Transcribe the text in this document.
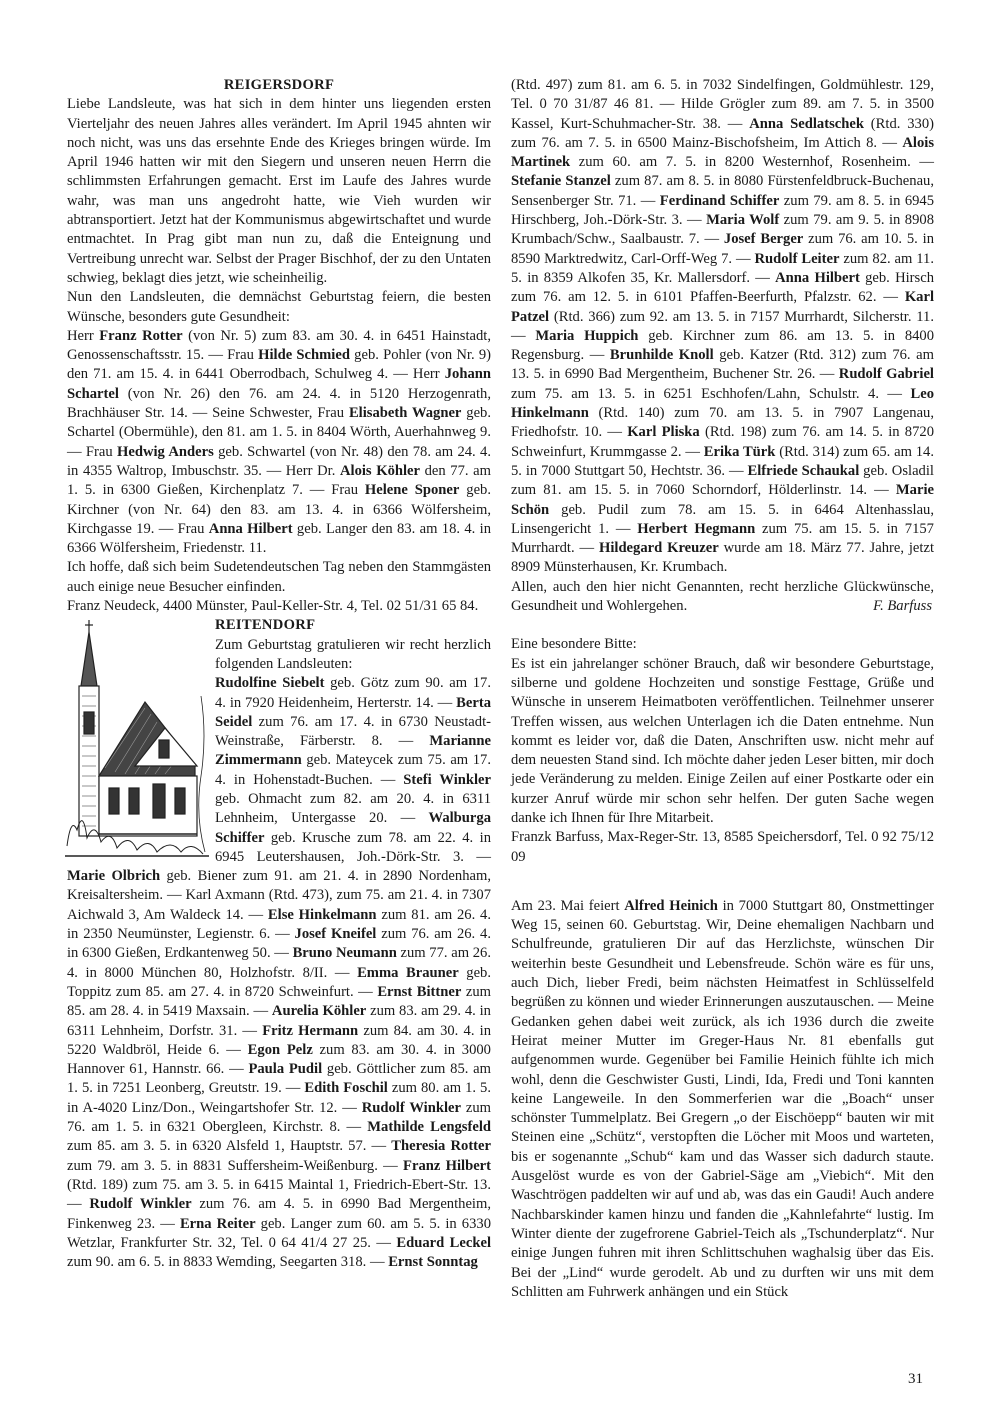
REIGERSDORF

Liebe Landsleute, was hat sich in dem hinter uns liegenden ersten Vierteljahr des neuen Jahres alles verändert. Im April 1945 ahnten wir noch nicht, was uns das ersehnte Ende des Krieges bringen würde. Im April 1946 hatten wir mit den Siegern und unseren neuen Herrn die schlimmsten Erfahrungen gemacht. Erst im Laufe des Jahres wurde wahr, was man uns angedroht hatte, wie Vieh wurden wir abtransportiert. Jetzt hat der Kommunismus abgewirtschaftet und wurde entmachtet. In Prag gibt man nun zu, daß die Enteignung und Vertreibung unrecht war. Selbst der Prager Bischhof, der zu den Untaten schwieg, beklagt dies jetzt, wie scheinheilig.

Nun den Landsleuten, die demnächst Geburtstag feiern, die besten Wünsche, besonders gute Gesundheit:

Herr Franz Rotter (von Nr. 5) zum 83. am 30. 4. in 6451 Hainstadt, Genossenschaftsstr. 15. — Frau Hilde Schmied geb. Pohler (von Nr. 9) den 71. am 15. 4. in 6441 Oberrodbach, Schulweg 4. — Herr Johann Schartel (von Nr. 26) den 76. am 24. 4. in 5120 Herzogenrath, Brachhäuser Str. 14. — Seine Schwester, Frau Elisabeth Wagner geb. Schartel (Obermühle), den 81. am 1. 5. in 8404 Wörth, Auerhahnweg 9. — Frau Hedwig Anders geb. Schwartel (von Nr. 48) den 78. am 24. 4. in 4355 Waltrop, Imbuschstr. 35. — Herr Dr. Alois Köhler den 77. am 1. 5. in 6300 Gießen, Kirchenplatz 7. — Frau Helene Sponer geb. Kirchner (von Nr. 64) den 83. am 13. 4. in 6366 Wölfersheim, Kirchgasse 19. — Frau Anna Hilbert geb. Langer den 83. am 18. 4. in 6366 Wölfersheim, Friedenstr. 11.

Ich hoffe, daß sich beim Sudetendeutschen Tag neben den Stammgästen auch einige neue Besucher einfinden.

Franz Neudeck, 4400 Münster, Paul-Keller-Str. 4, Tel. 02 51/31 65 84.

REITENDORF

Zum Geburtstag gratulieren wir recht herzlich folgenden Landsleuten:

Rudolfine Siebelt geb. Götz zum 90. am 17. 4. in 7920 Heidenheim, Herterstr. 14. — Berta Seidel zum 76. am 17. 4. in 6730 Neustadt-Weinstraße, Färberstr. 8. — Marianne Zimmermann geb. Mateycek zum 75. am 17. 4. in Hohenstadt-Buchen. — Stefi Winkler geb. Ohmacht zum 82. am 20. 4. in 6311 Lehnheim, Untergasse 20. — Walburga Schiffer geb. Krusche zum 78. am 22. 4. in 6945 Leutershausen, Joh.-Dörk-Str. 3. — Marie Olbrich geb. Biener zum 91. am 21. 4. in 2890 Nordenham, Kreisaltersheim. — Karl Axmann (Rtd. 473), zum 75. am 21. 4. in 7307 Aichwald 3, Am Waldeck 14. — Else Hinkelmann zum 81. am 26. 4. in 2350 Neumünster, Legienstr. 6. — Josef Kneifel zum 76. am 26. 4. in 6300 Gießen, Erdkantenweg 50. — Bruno Neumann zum 77. am 26. 4. in 8000 München 80, Holzhofstr. 8/II. — Emma Brauner geb. Toppitz zum 85. am 27. 4. in 8720 Schweinfurt. — Ernst Bittner zum 85. am 28. 4. in 5419 Maxsain. — Aurelia Köhler zum 83. am 29. 4. in 6311 Lehnheim, Dorfstr. 31. — Fritz Hermann zum 84. am 30. 4. in 5220 Waldbröl, Heide 6. — Egon Pelz zum 83. am 30. 4. in 3000 Hannover 61, Hannstr. 66. — Paula Pudil geb. Göttlicher zum 85. am 1. 5. in 7251 Leonberg, Greutstr. 19. — Edith Foschil zum 80. am 1. 5. in A-4020 Linz/Don., Weingartshofer Str. 12. — Rudolf Winkler zum 76. am 1. 5. in 6321 Obergleen, Kirchstr. 8. — Mathilde Lengsfeld zum 85. am 3. 5. in 6320 Alsfeld 1, Hauptstr. 57. — Theresia Rotter zum 79. am 3. 5. in 8831 Suffersheim-Weißenburg. — Franz Hilbert (Rtd. 189) zum 75. am 3. 5. in 6415 Maintal 1, Friedrich-Ebert-Str. 13. — Rudolf Winkler zum 76. am 4. 5. in 6990 Bad Mergentheim, Finkenweg 23. — Erna Reiter geb. Langer zum 60. am 5. 5. in 6330 Wetzlar, Frankfurter Str. 32, Tel. 0 64 41/4 27 25. — Eduard Leckel zum 90. am 6. 5. in 8833 Wemding, Seegarten 318. — Ernst Sonntag

(Rtd. 497) zum 81. am 6. 5. in 7032 Sindelfingen, Goldmühlestr. 129, Tel. 0 70 31/87 46 81. — Hilde Grögler zum 89. am 7. 5. in 3500 Kassel, Kurt-Schuhmacher-Str. 38. — Anna Sedlatschek (Rtd. 330) zum 76. am 7. 5. in 6500 Mainz-Bischofsheim, Im Attich 8. — Alois Martinek zum 60. am 7. 5. in 8200 Westernhof, Rosenheim. — Stefanie Stanzel zum 87. am 8. 5. in 8080 Fürstenfeldbruck-Buchenau, Sensenberger Str. 71. — Ferdinand Schiffer zum 79. am 8. 5. in 6945 Hirschberg, Joh.-Dörk-Str. 3. — Maria Wolf zum 79. am 9. 5. in 8908 Krumbach/Schw., Saalbaustr. 7. — Josef Berger zum 76. am 10. 5. in 8590 Marktredwitz, Carl-Orff-Weg 7. — Rudolf Leiter zum 82. am 11. 5. in 8359 Alkofen 35, Kr. Mallersdorf. — Anna Hilbert geb. Hirsch zum 76. am 12. 5. in 6101 Pfaffen-Beerfurth, Pfalzstr. 62. — Karl Patzel (Rtd. 366) zum 92. am 13. 5. in 7157 Murrhardt, Silcherstr. 11. — Maria Huppich geb. Kirchner zum 86. am 13. 5. in 8400 Regensburg. — Brunhilde Knoll geb. Katzer (Rtd. 312) zum 76. am 13. 5. in 6990 Bad Mergentheim, Buchener Str. 26. — Rudolf Gabriel zum 75. am 13. 5. in 6251 Eschhofen/Lahn, Schulstr. 4. — Leo Hinkelmann (Rtd. 140) zum 70. am 13. 5. in 7907 Langenau, Friedhofstr. 10. — Karl Pliska (Rtd. 198) zum 76. am 14. 5. in 8720 Schweinfurt, Krummgasse 2. — Erika Türk (Rtd. 314) zum 65. am 14. 5. in 7000 Stuttgart 50, Hechtstr. 36. — Elfriede Schaukal geb. Osladil zum 81. am 15. 5. in 7060 Schorndorf, Hölderlinstr. 14. — Marie Schön geb. Pudil zum 78. am 15. 5. in 6464 Altenhasslau, Linsengericht 1. — Herbert Hegmann zum 75. am 15. 5. in 7157 Murrhardt. — Hildegard Kreuzer wurde am 18. März 77. Jahre, jetzt 8909 Münsterhausen, Kr. Krumbach.

Allen, auch den hier nicht Genannten, recht herzliche Glückwünsche, Gesundheit und Wohlergehen.	F. Barfuss

Eine besondere Bitte:

Es ist ein jahrelanger schöner Brauch, daß wir besondere Geburtstage, silberne und goldene Hochzeiten und sonstige Festtage, Grüße und Wünsche in unserem Heimatboten veröffentlichen. Teilnehmer unserer Treffen wissen, aus welchen Unterlagen ich die Daten entnehme. Nun kommt es leider vor, daß die Daten, Anschriften usw. nicht mehr auf dem neuesten Stand sind. Ich möchte daher jeden Leser bitten, mir doch jede Veränderung zu melden. Einige Zeilen auf einer Postkarte oder ein kurzer Anruf würde mir schon sehr helfen. Der guten Sache wegen danke ich Ihnen für Ihre Mitarbeit.

Franzk Barfuss, Max-Reger-Str. 13, 8585 Speichersdorf, Tel. 0 92 75/12 09

Am 23. Mai feiert Alfred Heinich in 7000 Stuttgart 80, Onstmettinger Weg 15, seinen 60. Geburtstag. Wir, Deine ehemaligen Nachbarn und Schulfreunde, gratulieren Dir auf das Herzlichste, wünschen Dir weiterhin beste Gesundheit und Lebensfreude. Schön wäre es für uns, auch Dich, lieber Fredi, beim nächsten Heimatfest in Schlüsselfeld begrüßen zu können und wieder Erinnerungen auszutauschen. — Meine Gedanken gehen dabei weit zurück, als ich 1936 durch die zweite Heirat meiner Mutter im Greger-Haus Nr. 81 ebenfalls gut aufgenommen wurde. Gegenüber bei Familie Heinich fühlte ich mich wohl, denn die Geschwister Gusti, Lindi, Ida, Fredi und Toni kannten keine Langeweile. In den Sommerferien war die „Boach“ unser schönster Tummelplatz. Bei Gregern „o der Eischöepp“ bauten wir mit Steinen eine „Schütz“, verstopften die Löcher mit Moos und warteten, bis er sogenannte „Schub“ kam und das Wasser sich dadurch staute. Ausgelöst wurde es von der Gabriel-Säge am „Viebich“. Mit den Waschtrögen paddelten wir auf und ab, was das ein Gaudi! Auch andere Nachbarskinder kamen hinzu und fanden die „Kahnlefahrte“ lustig. Im Winter diente der zugefrorene Gabriel-Teich als „Tschunderplatz“. Nur einige Jungen fuhren mit ihren Schlittschuhen waghalsig über das Eis. Bei der „Lind“ wurde gerodelt. Ab und zu durften wir uns mit dem Schlitten am Fuhrwerk anhängen und ein Stück

31
